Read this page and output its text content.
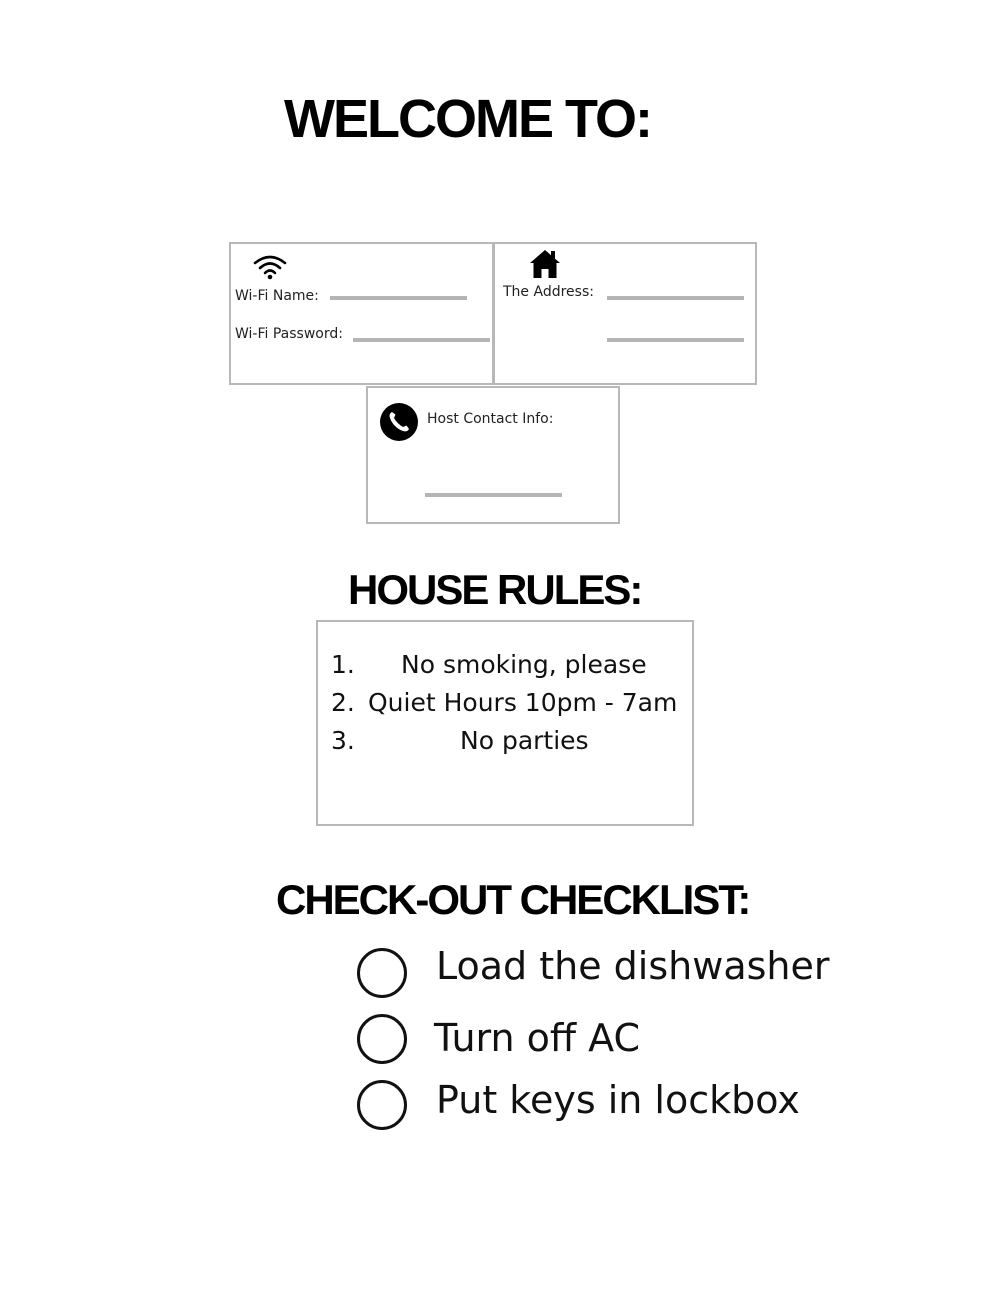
WELCOME TO:
Wi-Fi Name:
Wi-Fi Password:
The Address:
Host Contact Info:
HOUSE RULES:
1. No smoking, please
2. Quiet Hours 10pm - 7am
3.	No parties
CHECK-OUT CHECKLIST:
Load the dishwasher
Turn off AC
Put keys in lockbox
